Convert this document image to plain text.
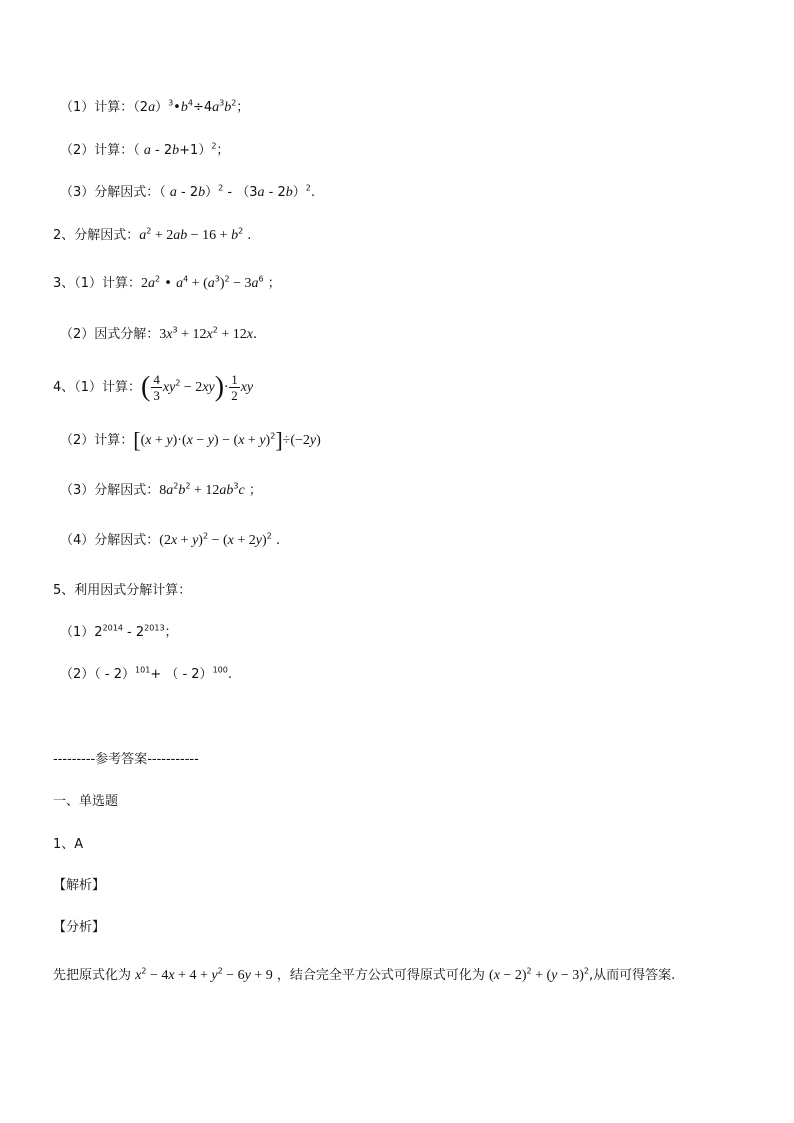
（1）计算：$(2a)^3•b^4\div 4a^3b^2$；
（2）计算：（ a - 2b+1）$^2$；
（3）分解因式：（ a - 2b）$^2$ - （3a - 2b）$^2$.
2、分解因式：$a^2 + 2ab - 16 + b^2$ .
3、（1）计算：$2a^2$ • $a^4 + (a^3)^2 - 3a^6$ ；
（2）因式分解：$3x^3 + 12x^2 + 12x$.
4、（1）计算：( $\frac{4}{3} xy^2 - 2xy)\cdot \frac{1}{2}$ xy
（2）计算：$[(x + y)\cdot(x - y) - (x + y)^2]\div(-2y)$
（3）分解因式：$8a^2b^2 + 12ab^3c$ ；
（4）分解因式：$(2x + y)^2 - (x + 2y)^2$ .
5、利用因式分解计算：
$(1)2^{2014} - 2^{2013}$；
（2）（ - 2）$^{101}$+ （ - 2）$^{100}$.
---------参考答案-----------
一、单选题
1、A
【解析】
【分析】
先把原式化为 $x^2 - 4x + 4 + y^2 - 6y + 9$ ，结合完全平方公式可得原式可化为 $(x - 2)^2 + (y - 3)^2$,从而可得答案.
